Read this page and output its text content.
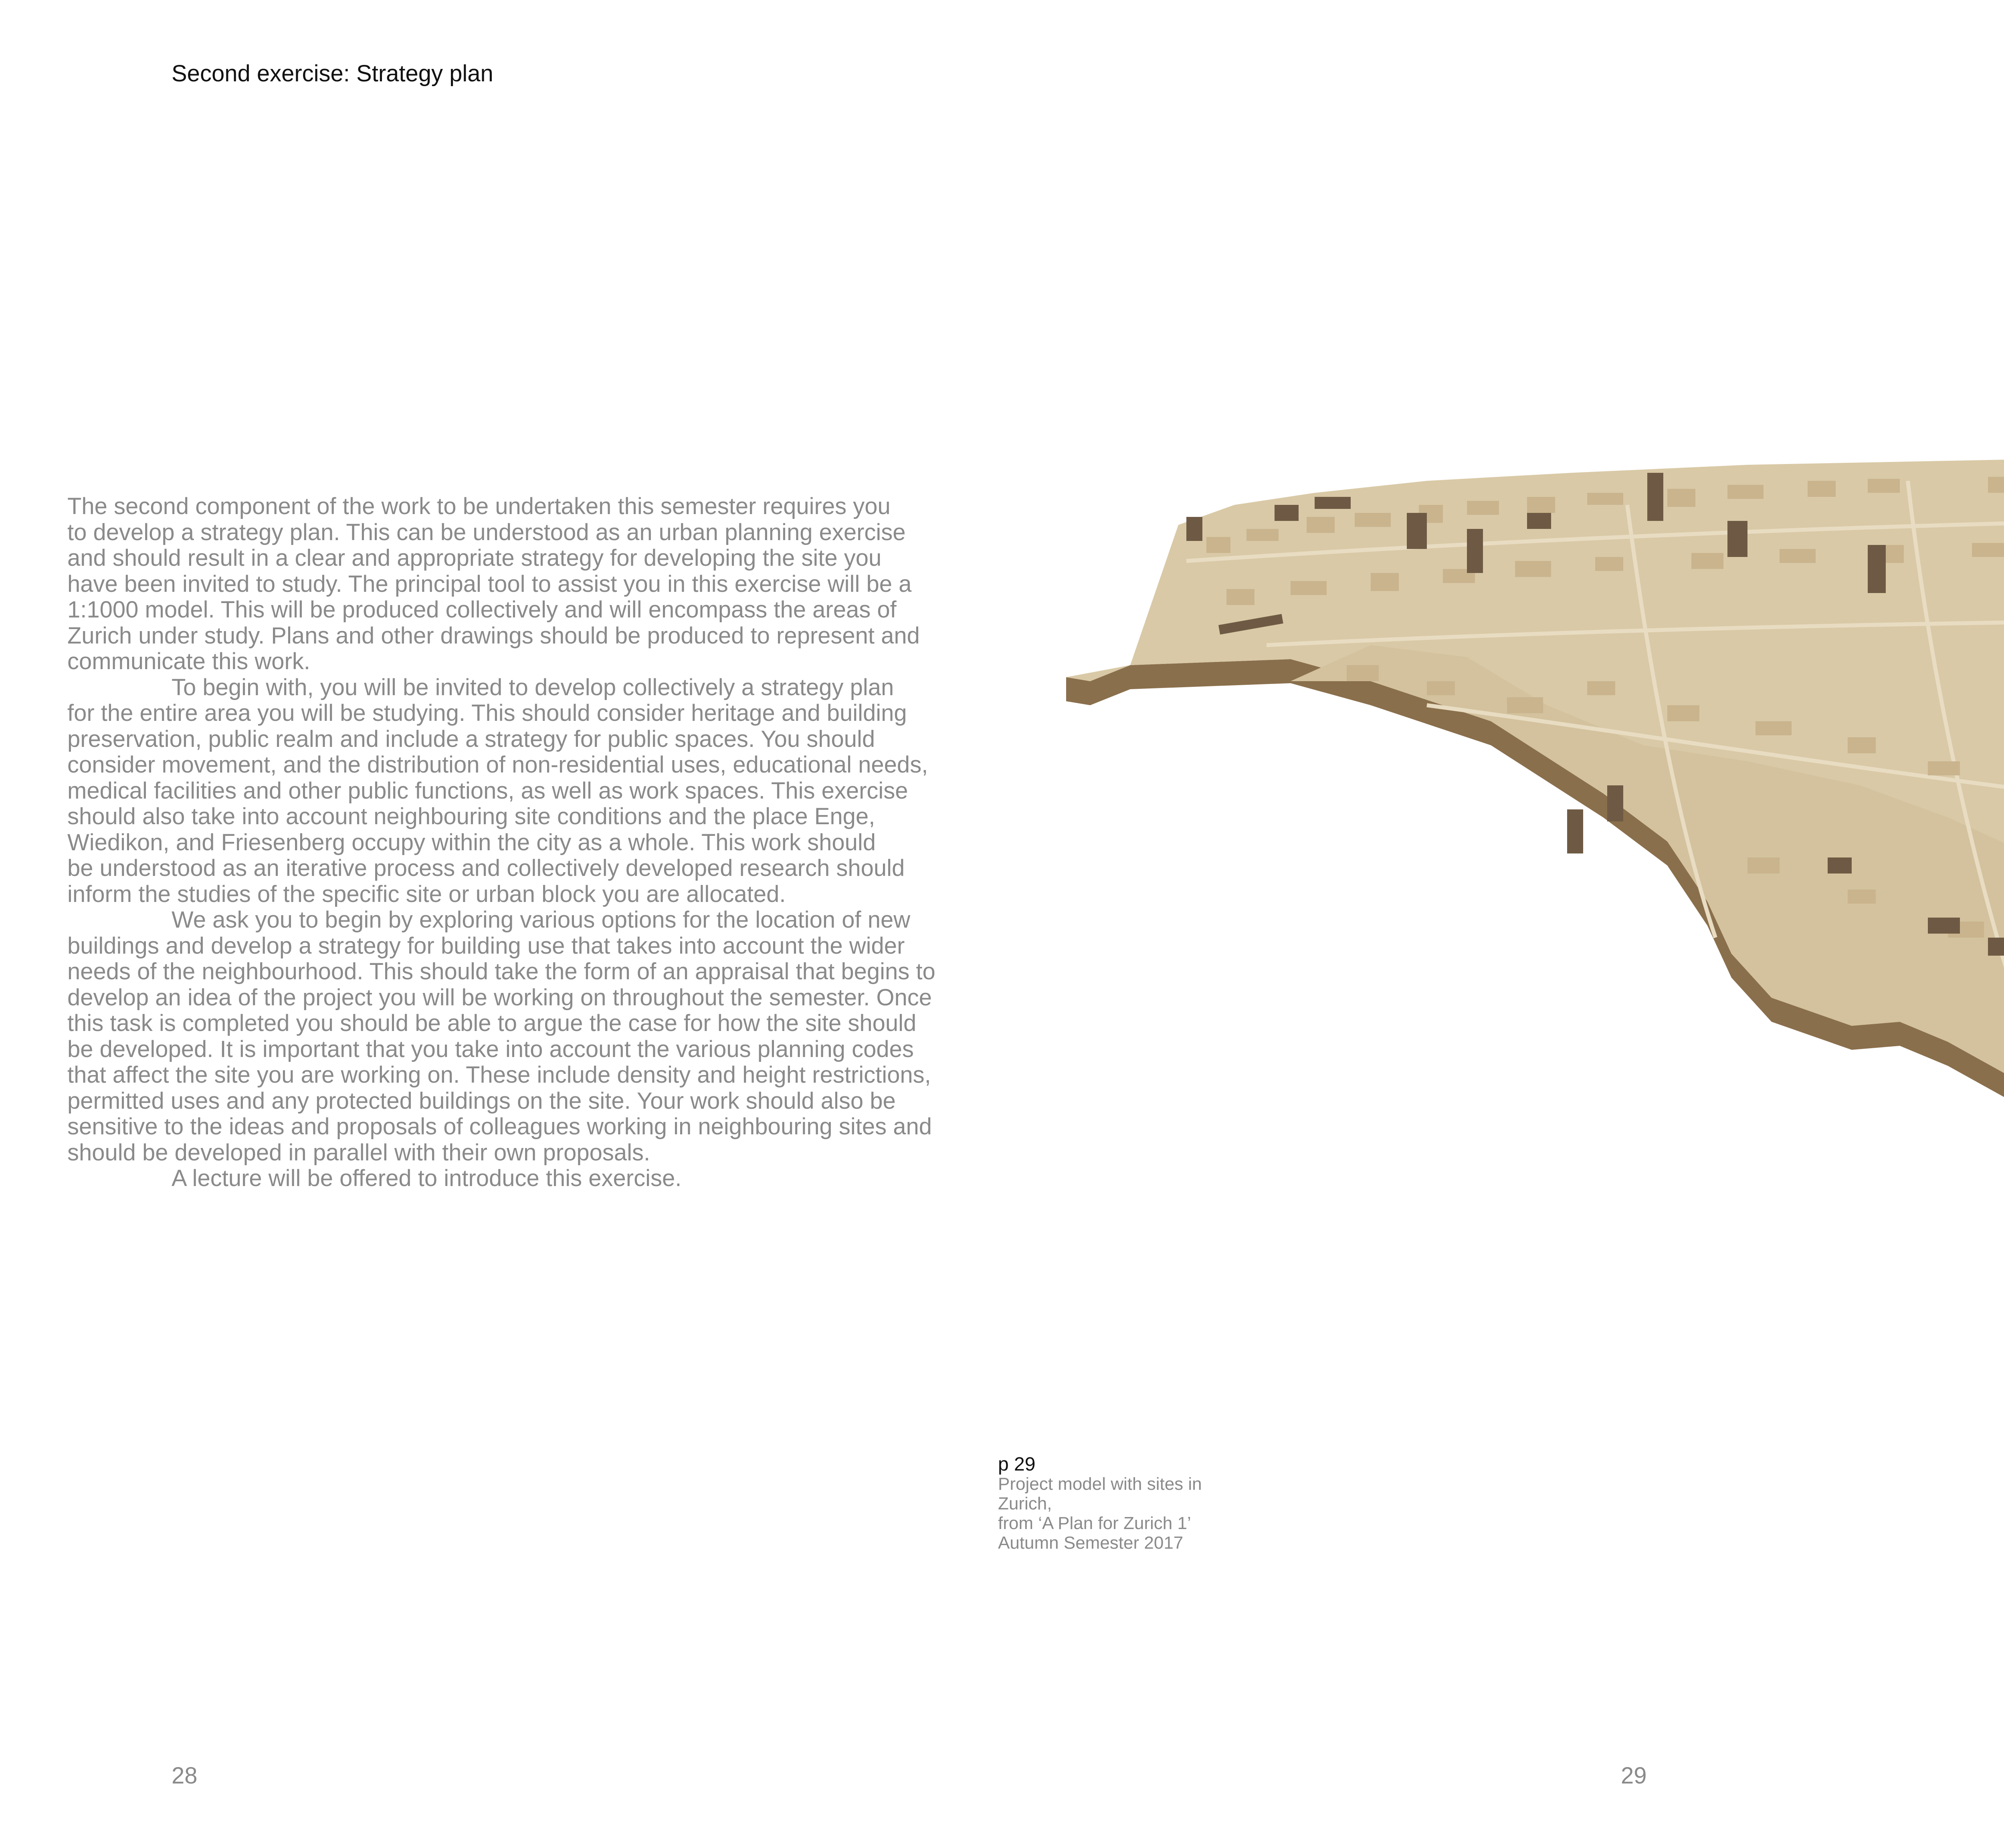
Second exercise: Strategy plan

The second component of the work to be undertaken this semester requires you

to develop a strategy plan. This can be understood as an urban planning exercise

and should result in a clear and appropriate strategy for developing the site you

have been invited to study. The principal tool to assist you in this exercise will be a

1:1000 model. This will be produced collectively and will encompass the areas of

Zurich under study. Plans and other drawings should be produced to represent and

communicate this work.

To begin with, you will be invited to develop collectively a strategy plan

for the entire area you will be studying. This should consider heritage and building

preservation, public realm and include a strategy for public spaces. You should

consider movement, and the distribution of non-residential uses, educational needs,

medical facilities and other public functions, as well as work spaces. This exercise

should also take into account neighbouring site conditions and the place Enge,

Wiedikon, and Friesenberg occupy within the city as a whole. This work should

be understood as an iterative process and collectively developed research should

inform the studies of the specific site or urban block you are allocated.

We ask you to begin by exploring various options for the location of new

buildings and develop a strategy for building use that takes into account the wider

needs of the neighbourhood. This should take the form of an appraisal that begins to

develop an idea of the project you will be working on throughout the semester. Once

this task is completed you should be able to argue the case for how the site should

be developed. It is important that you take into account the various planning codes

that affect the site you are working on. These include density and height restrictions,

permitted uses and any protected buildings on the site. Your work should also be

sensitive to the ideas and proposals of colleagues working in neighbouring sites and

should be developed in parallel with their own proposals.

A lecture will be offered to introduce this exercise.

p 29
Project model with sites in
Zurich,
from ‘A Plan for Zurich 1’
Autumn Semester 2017
28	29
